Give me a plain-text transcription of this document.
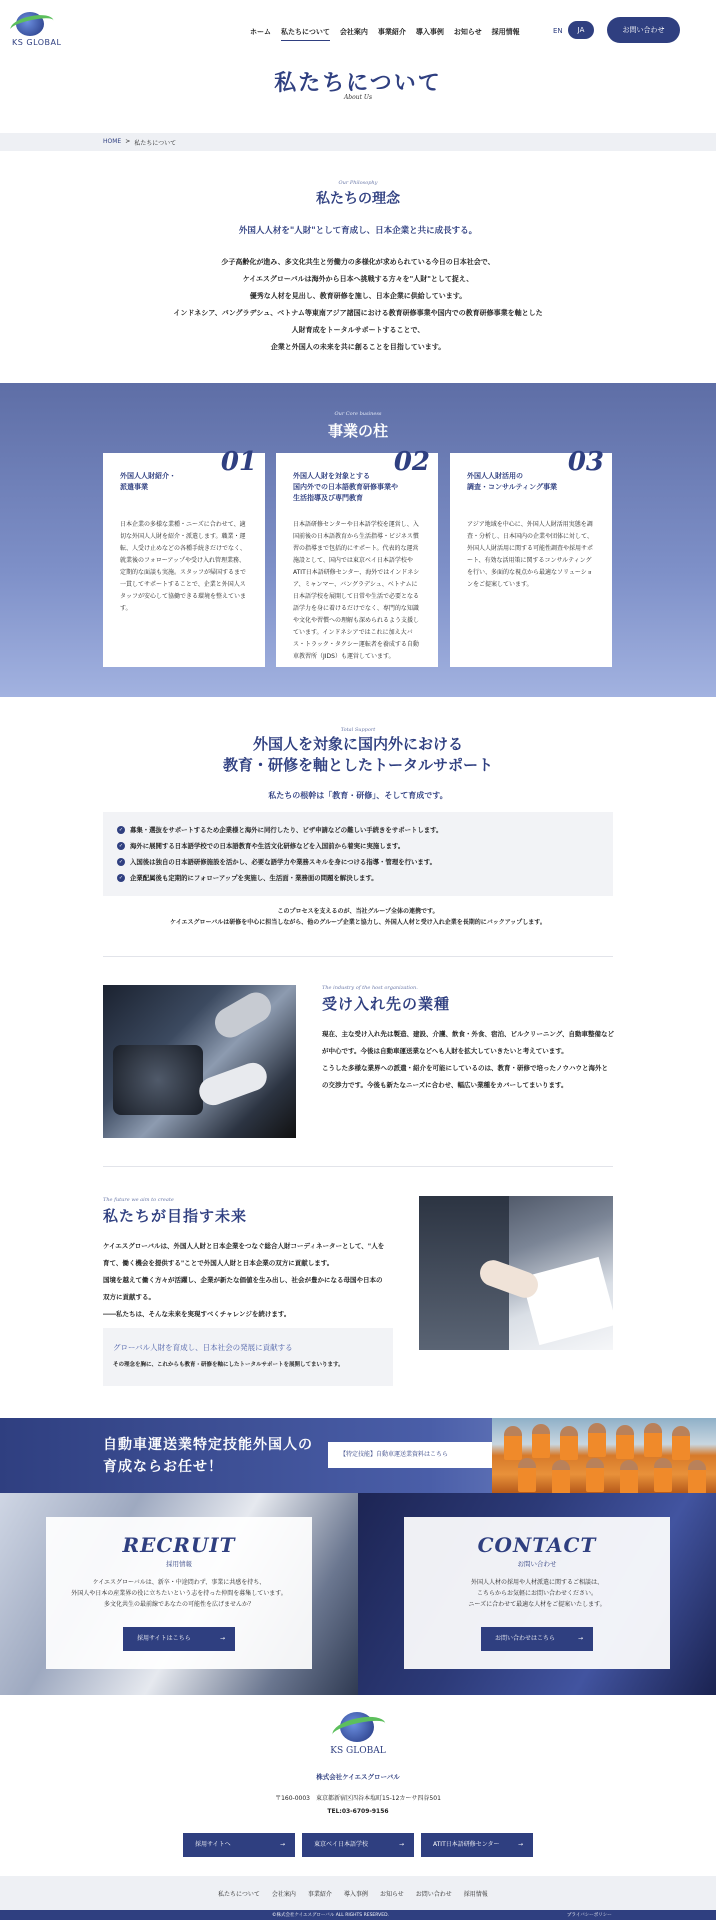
KS GLOBAL
ホーム 私たちについて 会社案内 事業紹介 導入事例 お知らせ 採用情報	EN	JA	お問い合わせ
私たちについて
About Us
HOME > 私たちについて
Our Philosophy
私たちの理念
外国人人材を"人財"として育成し、日本企業と共に成長する。
少子高齢化が進み、多文化共生と労働力の多様化が求められている今日の日本社会で、
ケイエスグローバルは海外から日本へ挑戦する方々を"人財"として捉え、
優秀な人材を見出し、教育研修を施し、日本企業に供給しています。
インドネシア、バングラデシュ、ベトナム等東南アジア諸国における教育研修事業や国内での教育研修事業を軸とした
人財育成をトータルサポートすることで、
企業と外国人の未来を共に創ることを目指しています。
Our Core business
事業の柱
01
外国人人財紹介・
派遣事業
日本企業の多様な業種・ニーズに合わせて、適切な外国人人財を紹介・派遣します。職業・運転、人受け止めなどの各種手続きだけでなく、就業後のフォローアップや受け入れ管理業務、定期的な面談も実施。スタッフが帰国するまで一貫してサポートすることで、企業と外国人スタッフが安心して協働できる環境を整えています。
02
外国人人財を対象とする
国内外での日本語教育研修事業や
生活指導及び専門教育
日本語研修センターや日本語学校を運営し、入国前後の日本語教育から生活指導・ビジネス慣習の指導まで包括的にサポート。代表的な運営施設として、国内では東京ベイ日本語学校やATIT日本語研修センター、海外ではインドネシア、ミャンマー、バングラデシュ、ベトナムに日本語学校を展開して日常や生活で必要となる語学力を身に着けるだけでなく、専門的な知識や文化や習慣への理解も深められるよう支援しています。インドネシアではこれに加え大バス・トラック・タクシー運転者を養成する自動車教習所（JIDS）も運営しています。
03
外国人人財活用の
調査・コンサルティング事業
アジア地域を中心に、外国人人財活用実態を調査・分析し、日本国内の企業や団体に対して、外国人人財活用に関する可能性調査や採用サポート、有効な活用策に関するコンサルティングを行い、多面的な視点から最適なソリューションをご提案しています。
Total Support
外国人を対象に国内外における
教育・研修を軸としたトータルサポート
私たちの根幹は「教育・研修」、そして育成です。
✓ 募集・選抜をサポートするため企業様と海外に同行したり、ビザ申請などの難しい手続きをサポートします。
✓ 海外に展開する日本語学校での日本語教育や生活文化研修などを入国前から着実に実施します。
✓ 入国後は独自の日本語研修施設を活かし、必要な語学力や業務スキルを身につける指導・管理を行います。
✓ 企業配属後も定期的にフォローアップを実施し、生活面・業務面の問題を解決します。
このプロセスを支えるのが、当社グループ全体の連携です。
ケイエスグローバルは研修を中心に担当しながら、他のグループ企業と協力し、外国人人材と受け入れ企業を長期的にバックアップします。
The industry of the host organization.
受け入れ先の業種
現在、主な受け入れ先は製造、建設、介護、飲食・外食、宿泊、ビルクリーニング、自動車整備など
が中心です。今後は自動車運送業などへも人財を拡大していきたいと考えています。
こうした多様な業界への派遣・紹介を可能にしているのは、教育・研修で培ったノウハウと海外と
の交渉力です。今後も新たなニーズに合わせ、幅広い業種をカバーしてまいります。
The future we aim to create
私たちが目指す未来
ケイエスグローバルは、外国人人財と日本企業をつなぐ総合人財コーディネーターとして、"人を
育て、働く機会を提供する"ことで外国人人財と日本企業の双方に貢献します。
国境を越えて働く方々が活躍し、企業が新たな価値を生み出し、社会が豊かになる母国や日本の
双方に貢献する。
――私たちは、そんな未来を実現すべくチャレンジを続けます。
グローバル人財を育成し、日本社会の発展に貢献する
その理念を胸に、これからも教育・研修を軸にしたトータルサポートを展開してまいります。
自動車運送業特定技能外国人の
育成ならお任せ！
【特定技能】自動車運送業資料はこちら
RECRUIT
採用情報
ケイエスグローバルは、新卒・中途問わず、事業に共感を持ち、
外国人や日本の産業界の役に立ちたいという志を持った仲間を募集しています。
多文化共生の最前線であなたの可能性を広げませんか？
採用サイトはこちら	→
CONTACT
お問い合わせ
外国人人材の採用や人材派遣に関するご相談は、
こちらからお気軽にお問い合わせください。
ニーズに合わせて最適な人材をご提案いたします。
お問い合わせはこちら	→
KS GLOBAL
株式会社ケイエスグローバル
〒160-0003　東京都新宿区四谷本塩町15-12カーサ四谷501
TEL:03-6709-9156
採用サイトへ	→	東京ベイ日本語学校	→	ATIT日本語研修センター	→
私たちについて 会社案内 事業紹介 導入事例 お知らせ お問い合わせ 採用情報
©株式会社ケイエスグローバル ALL RIGHTS RESERVED.	プライバシーポリシー
